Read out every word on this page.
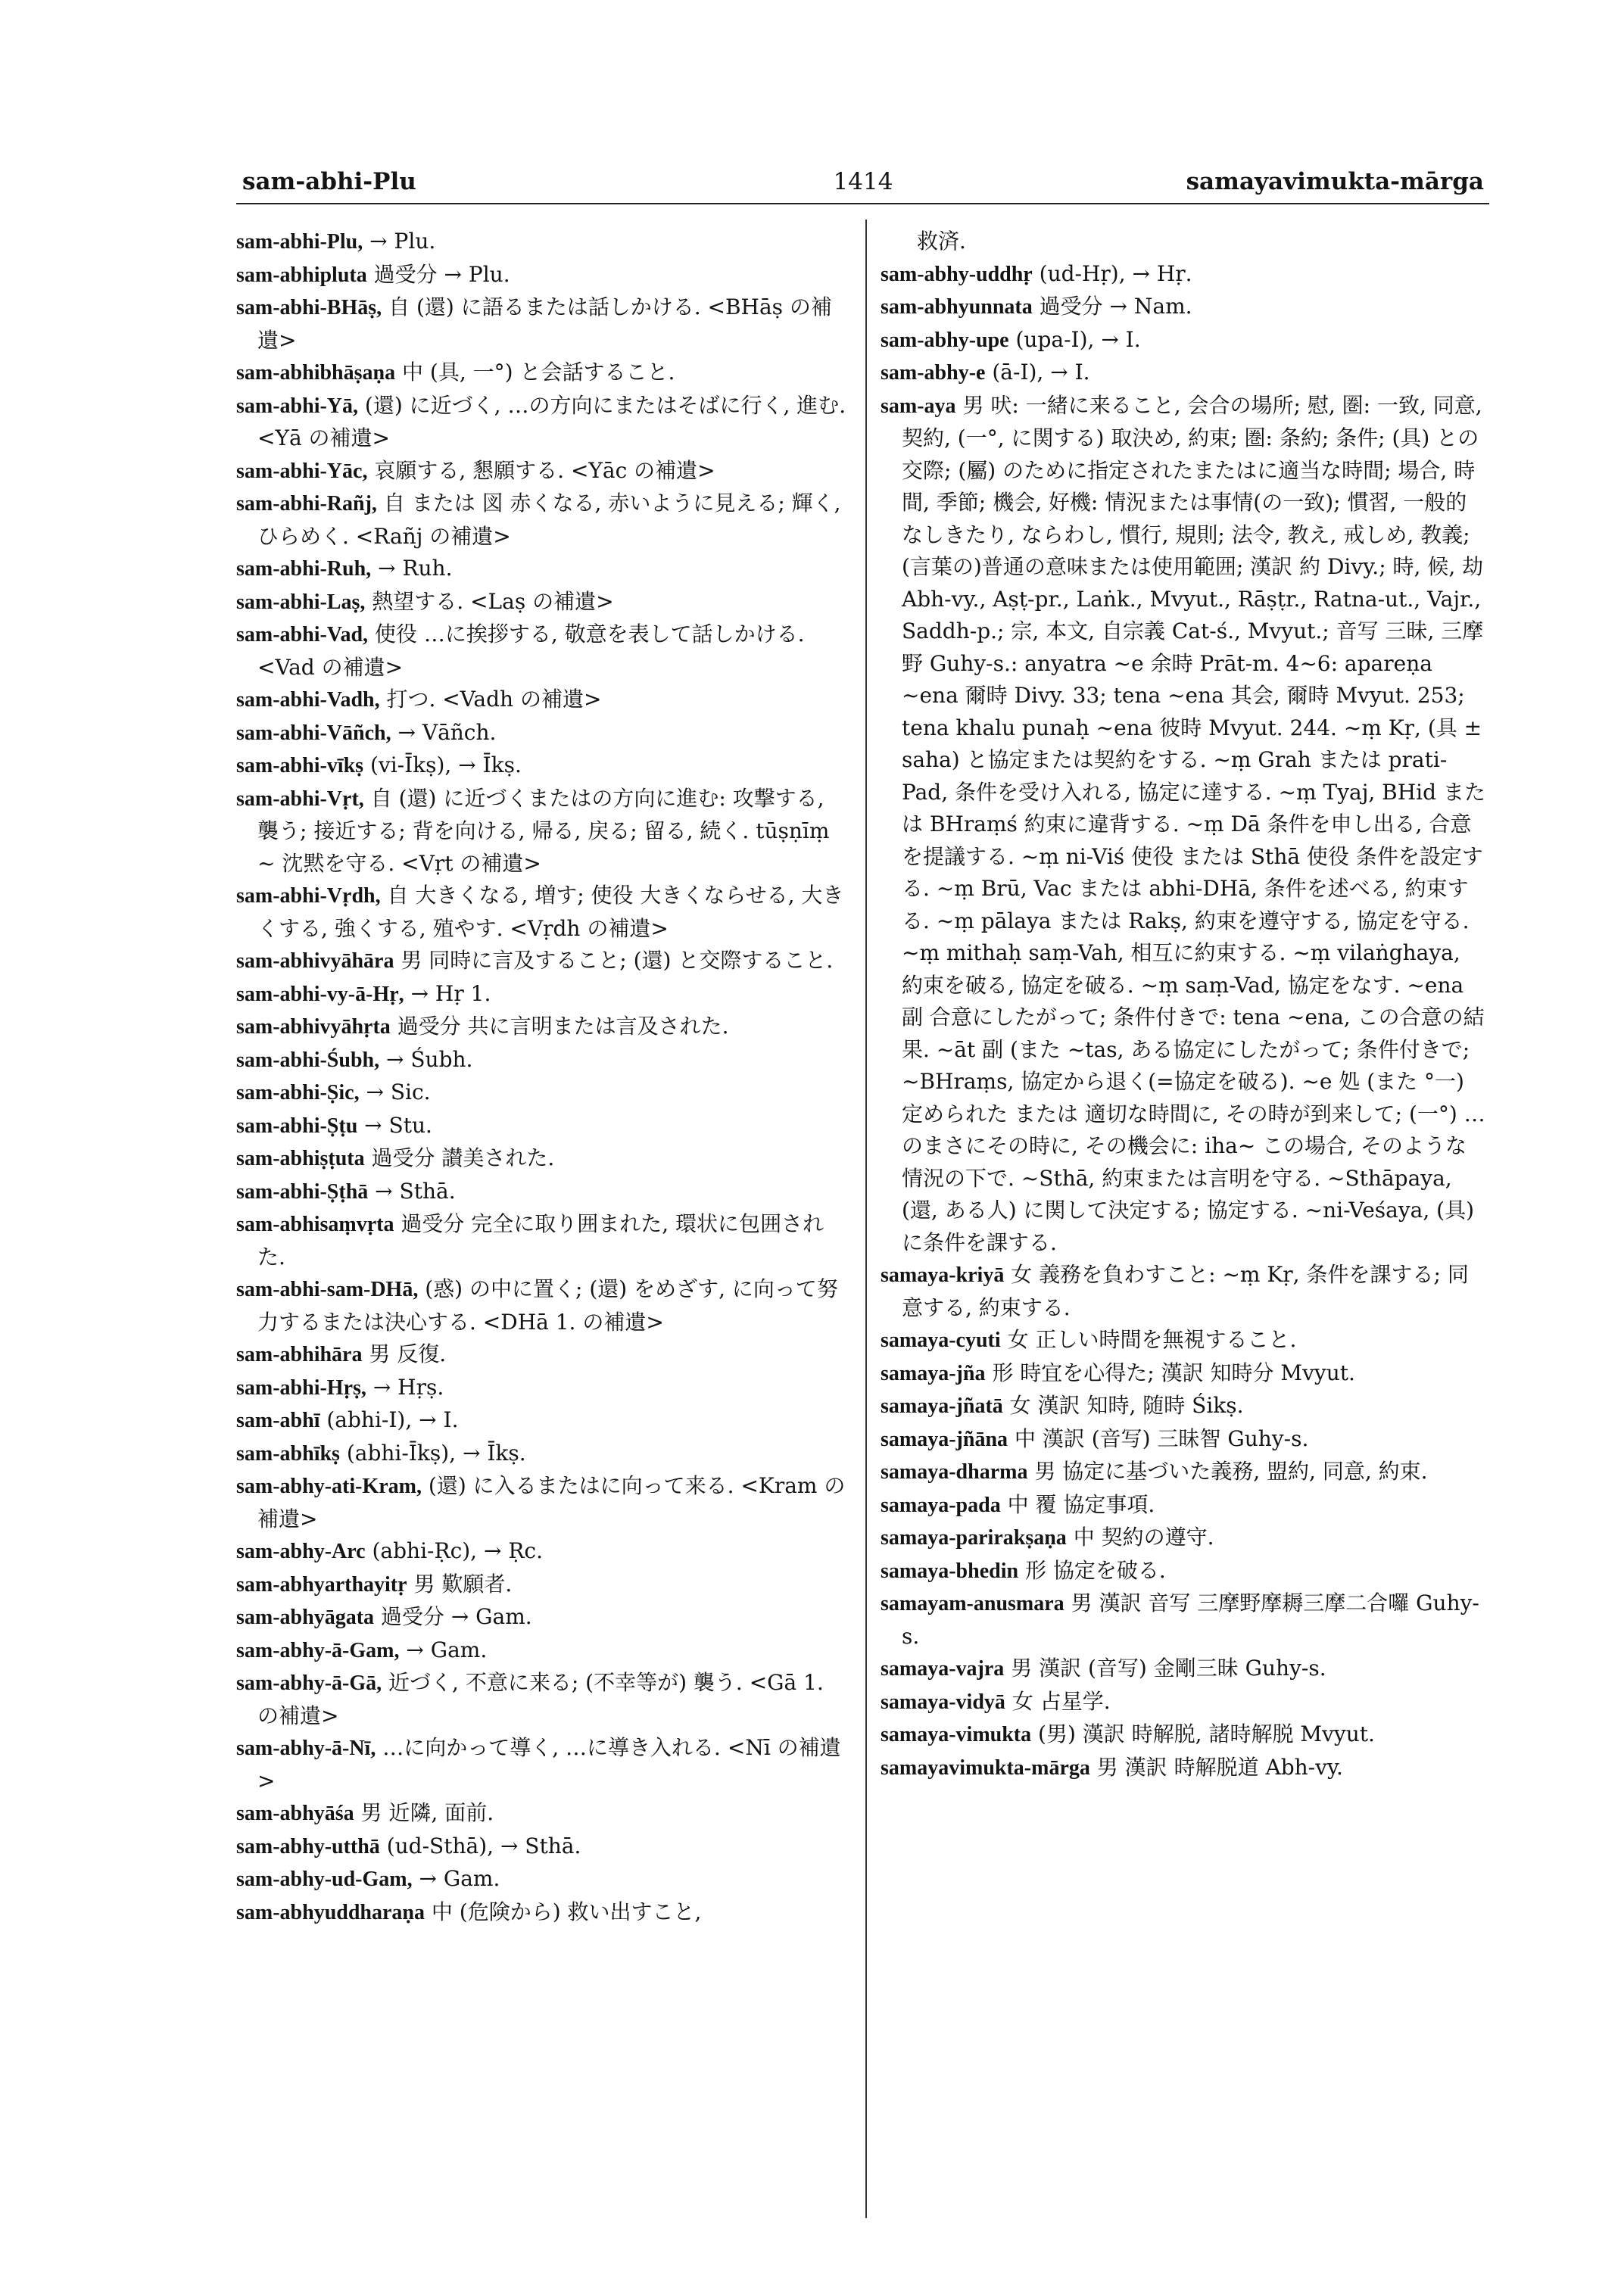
sam-abhi-Plu	1414	samayavimukta-mārga

sam-abhi-Plu, → Plu.

sam-abhipluta 過受分 → Plu.

sam-abhi-BHāṣ, 自 (還) に語るまたは話しかける. <BHāṣ の補遺>

sam-abhibhāṣaṇa 中 (具, 一°) と会話すること.

sam-abhi-Yā, (還) に近づく, …の方向にまたはそばに行く, 進む. <Yā の補遺>

sam-abhi-Yāc, 哀願する, 懇願する. <Yāc の補遺>

sam-abhi-Rañj, 自 または 図 赤くなる, 赤いように見える; 輝く, ひらめく. <Rañj の補遺>

sam-abhi-Ruh, → Ruh.

sam-abhi-Laṣ, 熱望する. <Laṣ の補遺>

sam-abhi-Vad, 使役 …に挨拶する, 敬意を表して話しかける. <Vad の補遺>

sam-abhi-Vadh, 打つ. <Vadh の補遺>

sam-abhi-Vāñch, → Vāñch.

sam-abhi-vīkṣ (vi-Īkṣ), → Īkṣ.

sam-abhi-Vṛt, 自 (還) に近づくまたはの方向に進む: 攻撃する, 襲う; 接近する; 背を向ける, 帰る, 戻る; 留る, 続く. tūṣṇīṃ ~ 沈黙を守る. <Vṛt の補遺>

sam-abhi-Vṛdh, 自 大きくなる, 増す; 使役 大きくならせる, 大きくする, 強くする, 殖やす. <Vṛdh の補遺>

sam-abhivyāhāra 男 同時に言及すること; (還) と交際すること.

sam-abhi-vy-ā-Hṛ, → Hṛ 1.

sam-abhivyāhṛta 過受分 共に言明または言及された.

sam-abhi-Śubh, → Śubh.

sam-abhi-Ṣic, → Sic.

sam-abhi-Ṣṭu → Stu.

sam-abhiṣṭuta 過受分 讃美された.

sam-abhi-Ṣṭhā → Sthā.

sam-abhisaṃvṛta 過受分 完全に取り囲まれた, 環状に包囲された.

sam-abhi-sam-DHā, (惑) の中に置く; (還) をめざす, に向って努力するまたは決心する. <DHā 1. の補遺>

sam-abhihāra 男 反復.

sam-abhi-Hṛṣ, → Hṛṣ.

sam-abhī (abhi-I), → I.

sam-abhīkṣ (abhi-Īkṣ), → Īkṣ.

sam-abhy-ati-Kram, (還) に入るまたはに向って来る. <Kram の補遺>

sam-abhy-Arc (abhi-Ṛc), → Ṛc.

sam-abhyarthayitṛ 男 歎願者.

sam-abhyāgata 過受分 → Gam.

sam-abhy-ā-Gam, → Gam.

sam-abhy-ā-Gā, 近づく, 不意に来る; (不幸等が) 襲う. <Gā 1. の補遺>

sam-abhy-ā-Nī, …に向かって導く, …に導き入れる. <Nī の補遺>

sam-abhyāśa 男 近隣, 面前.

sam-abhy-utthā (ud-Sthā), → Sthā.

sam-abhy-ud-Gam, → Gam.

sam-abhyuddharaṇa 中 (危険から) 救い出すこと,

救済.

sam-abhy-uddhṛ (ud-Hṛ), → Hṛ.

sam-abhyunnata 過受分 → Nam.

sam-abhy-upe (upa-I), → I.

sam-abhy-e (ā-I), → I.

sam-aya 男 吠: 一緒に来ること, 会合の場所; 慰, 圏: 一致, 同意, 契約, (一°, に関する) 取決め, 約束; 圏: 条約; 条件; (具) との交際; (屬) のために指定されたまたはに適当な時間; 場合, 時間, 季節; 機会, 好機: 情況または事情(の一致); 慣習, 一般的なしきたり, ならわし, 慣行, 規則; 法令, 教え, 戒しめ, 教義; (言葉の)普通の意味または使用範囲; 漢訳 約 Divy.; 時, 候, 劫 Abh-vy., Aṣṭ-pr., Laṅk., Mvyut., Rāṣṭr., Ratna-ut., Vajr., Saddh-p.; 宗, 本文, 自宗義 Cat-ś., Mvyut.; 音写 三昧, 三摩野 Guhy-s.: anyatra ~e 余時 Prāt-m. 4~6: apareṇa ~ena 爾時 Divy. 33; tena ~ena 其会, 爾時 Mvyut. 253; tena khalu punaḥ ~ena 彼時 Mvyut. 244. ~ṃ Kṛ, (具 ± saha) と協定または契約をする. ~ṃ Grah または prati-Pad, 条件を受け入れる, 協定に達する. ~ṃ Tyaj, BHid または BHraṃś 約束に違背する. ~ṃ Dā 条件を申し出る, 合意を提議する. ~ṃ ni-Viś 使役 または Sthā 使役 条件を設定する. ~ṃ Brū, Vac または abhi-DHā, 条件を述べる, 約束する. ~ṃ pālaya または Rakṣ, 約束を遵守する, 協定を守る. ~ṃ mithaḥ saṃ-Vah, 相互に約束する. ~ṃ vilaṅghaya, 約束を破る, 協定を破る. ~ṃ saṃ-Vad, 協定をなす. ~ena 副 合意にしたがって; 条件付きで: tena ~ena, この合意の結果. ~āt 副 (また ~tas, ある協定にしたがって; 条件付きで; ~BHraṃs, 協定から退く(=協定を破る). ~e 処 (また °一) 定められた または 適切な時間に, その時が到来して; (一°) …のまさにその時に, その機会に: iha~ この場合, そのような情況の下で. ~Sthā, 約束または言明を守る. ~Sthāpaya, (還, ある人) に関して決定する; 協定する. ~ni-Veśaya, (具) に条件を課する.

samaya-kriyā 女 義務を負わすこと: ~ṃ Kṛ, 条件を課する; 同意する, 約束する.

samaya-cyuti 女 正しい時間を無視すること.

samaya-jña 形 時宜を心得た; 漢訳 知時分 Mvyut.

samaya-jñatā 女 漢訳 知時, 随時 Śikṣ.

samaya-jñāna 中 漢訳 (音写) 三昧智 Guhy-s.

samaya-dharma 男 協定に基づいた義務, 盟約, 同意, 約束.

samaya-pada 中 覆 協定事項.

samaya-parirakṣaṇa 中 契約の遵守.

samaya-bhedin 形 協定を破る.

samayam-anusmara 男 漢訳 音写 三摩野摩耨三摩二合囉 Guhy-s.

samaya-vajra 男 漢訳 (音写) 金剛三昧 Guhy-s.

samaya-vidyā 女 占星学.

samaya-vimukta (男) 漢訳 時解脱, 諸時解脱 Mvyut.

samayavimukta-mārga 男 漢訳 時解脱道 Abh-vy.
